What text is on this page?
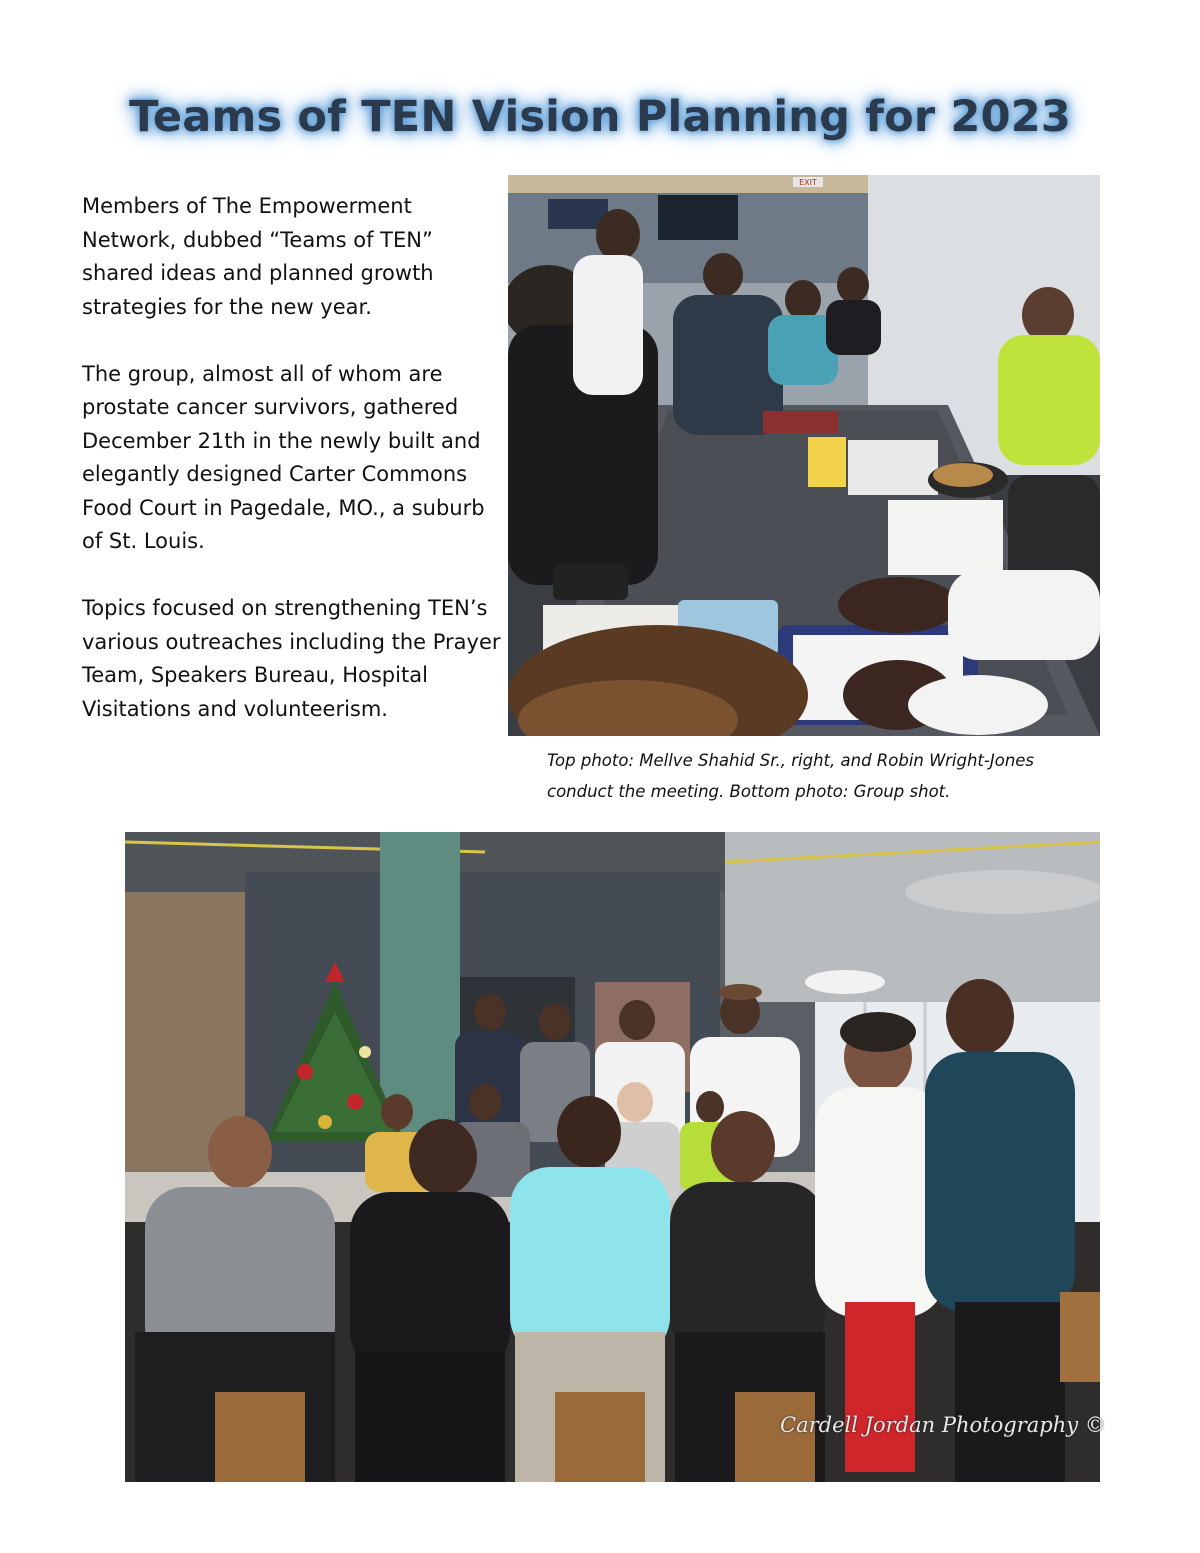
Teams of TEN Vision Planning for 2023

Members of The Empowerment Network, dubbed “Teams of TEN” shared ideas and planned growth strategies for the new year.

The group, almost all of whom are prostate cancer survivors, gathered December 21th in the newly built and elegantly designed Carter Commons Food Court in Pagedale, MO., a suburb of St. Louis.

Topics focused on strengthening TEN’s various outreaches including the Prayer Team, Speakers Bureau, Hospital Visitations and volunteerism.

EXIT
Top photo: Mellve Shahid Sr., right, and Robin Wright-Jones
conduct the meeting. Bottom photo: Group shot.
Cardell Jordan Photography ©
